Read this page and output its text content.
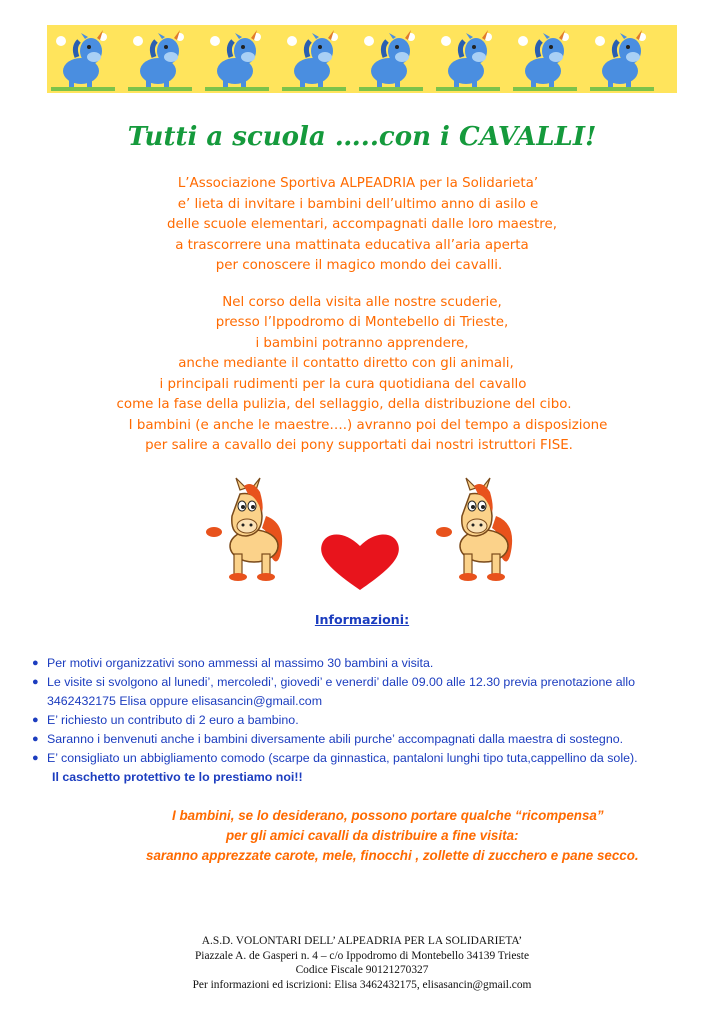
Tutti a scuola …..con i CAVALLI!
L’Associazione Sportiva ALPEADRIA per la Solidarieta’
e’ lieta di invitare i bambini dell’ultimo anno di asilo e
delle scuole elementari, accompagnati dalle loro maestre,
a trascorrere una mattinata educativa all’aria aperta
per conoscere il magico mondo dei cavalli.
Nel corso della visita alle nostre scuderie,
presso l’Ippodromo di Montebello di Trieste,
i bambini potranno apprendere,
anche mediante il contatto diretto con gli animali,
i principali rudimenti per la cura quotidiana del cavallo
come la fase della pulizia, del sellaggio, della distribuzione del cibo.
I bambini (e anche le maestre….) avranno poi del tempo a disposizione
per salire a cavallo dei pony supportati dai nostri istruttori FISE.
Informazioni:
● Per motivi organizzativi sono ammessi al massimo 30 bambini a visita.
● Le visite si svolgono al lunedi’, mercoledi’, giovedi’ e venerdi’ dalle 09.00 alle 12.30 previa prenotazione allo
3462432175 Elisa oppure elisasancin@gmail.com
● E’ richiesto un contributo di 2 euro a bambino.
● Saranno i benvenuti anche i bambini diversamente abili purche’ accompagnati dalla maestra di sostegno.
● E’ consigliato un abbigliamento comodo (scarpe da ginnastica, pantaloni lunghi tipo tuta,cappellino da sole).
Il caschetto protettivo te lo prestiamo noi!!
I bambini, se lo desiderano, possono portare qualche “ricompensa”
per gli amici cavalli da distribuire a fine visita:
saranno apprezzate carote, mele, finocchi , zollette di zucchero e pane secco.
A.S.D. VOLONTARI DELL’ ALPEADRIA PER LA SOLIDARIETA’
Piazzale A. de Gasperi n. 4 – c/o Ippodromo di Montebello 34139 Trieste
Codice Fiscale 90121270327
Per informazioni ed iscrizioni: Elisa 3462432175, elisasancin@gmail.com
